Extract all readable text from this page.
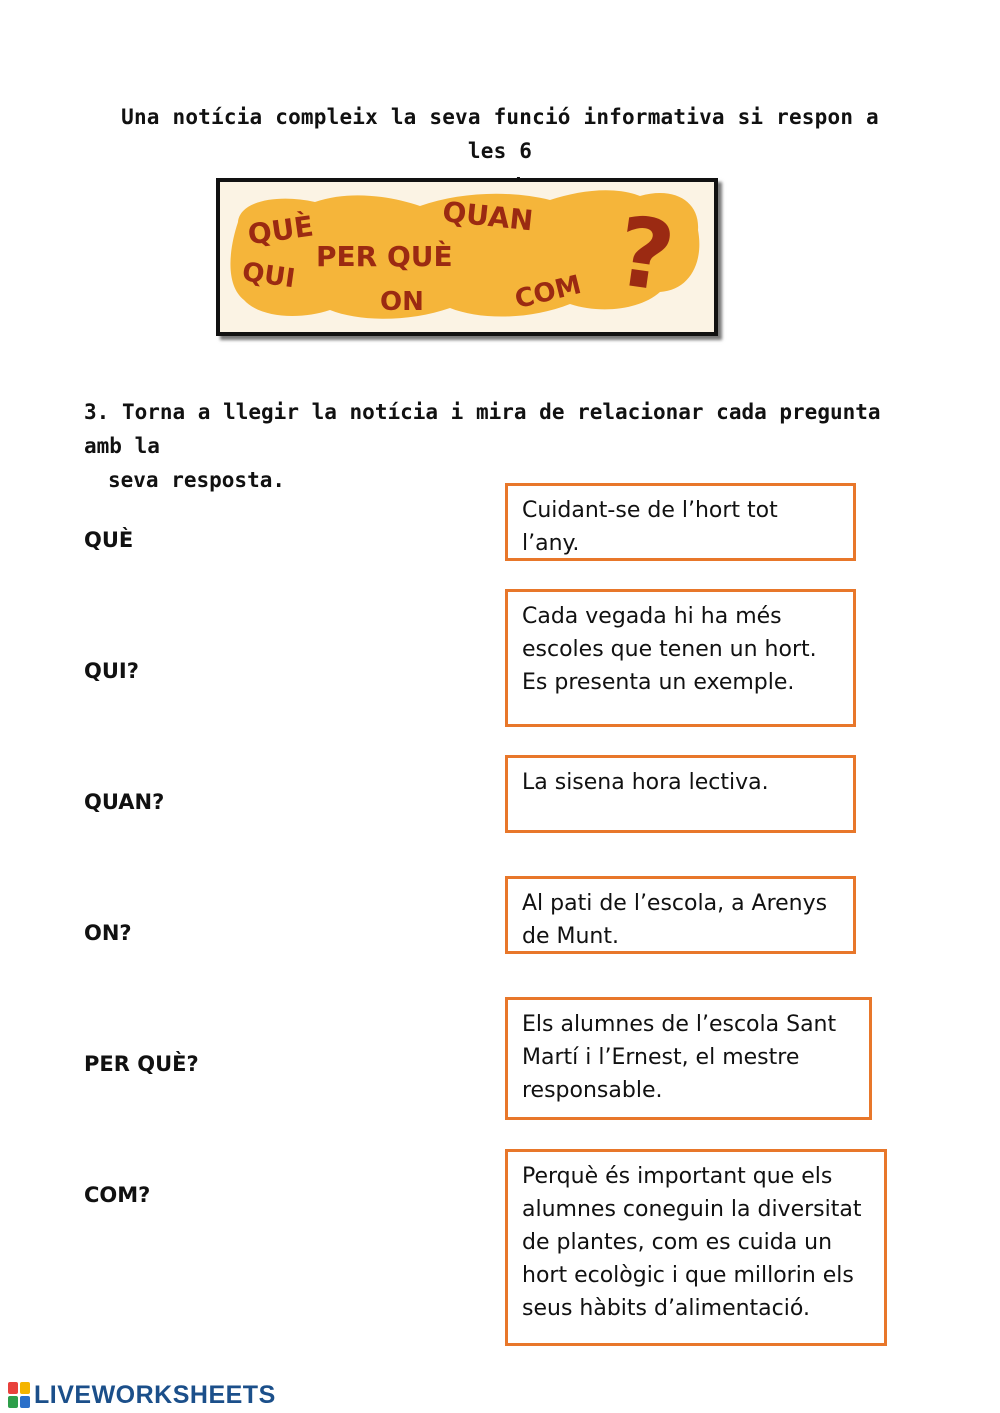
Una notícia compleix la seva funció informativa si respon a les 6
QUÈ	QUAN
PER QUÈ
QUI
ON	COM ?
3. Torna a llegir la notícia i mira de relacionar cada pregunta amb la
seva resposta.
QUÈ
QUI?
QUAN?
ON?
PER QUÈ?
COM?
Cuidant-se de l’hort tot l’any.
Cada vegada hi ha més escoles que tenen un hort. Es presenta un exemple.
La sisena hora lectiva.
Al pati de l’escola, a Arenys de Munt.
Els alumnes de l’escola Sant Martí i l’Ernest, el mestre responsable.
Perquè és important que els alumnes coneguin la diversitat de plantes, com es cuida un hort ecològic i que millorin els seus hàbits d’alimentació.
LIVEWORKSHEETS
